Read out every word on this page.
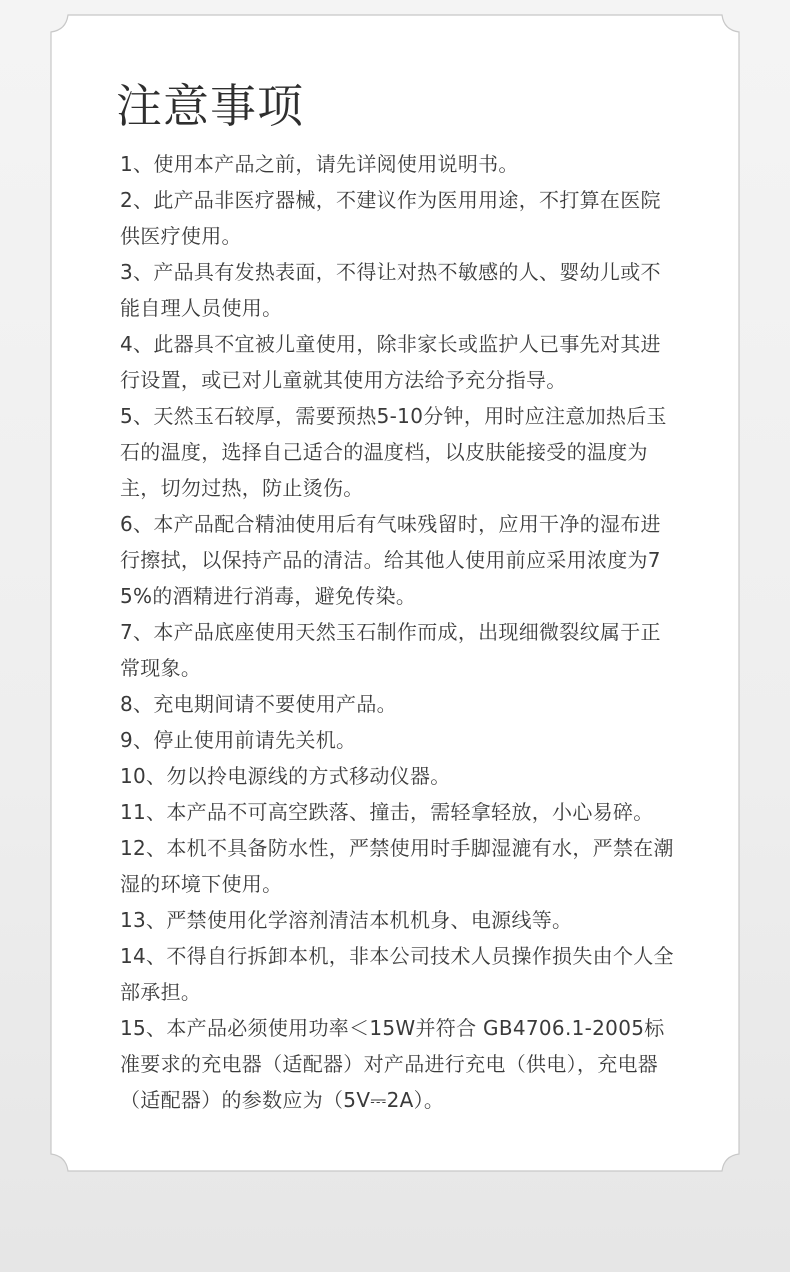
注意事项
1、使用本产品之前，请先详阅使用说明书。
2、此产品非医疗器械，不建议作为医用用途，不打算在医院供医疗使用。
3、产品具有发热表面，不得让对热不敏感的人、婴幼儿或不能自理人员使用。
4、此器具不宜被儿童使用，除非家长或监护人已事先对其进行设置，或已对儿童就其使用方法给予充分指导。
5、天然玉石较厚，需要预热5-10分钟，用时应注意加热后玉石的温度，选择自己适合的温度档，以皮肤能接受的温度为主，切勿过热，防止烫伤。
6、本产品配合精油使用后有气味残留时，应用干净的湿布进行擦拭，以保持产品的清洁。给其他人使用前应采用浓度为75%的酒精进行消毒，避免传染。
7、本产品底座使用天然玉石制作而成，出现细微裂纹属于正常现象。
8、充电期间请不要使用产品。
9、停止使用前请先关机。
10、勿以拎电源线的方式移动仪器。
11、本产品不可高空跌落、撞击，需轻拿轻放，小心易碎。
12、本机不具备防水性，严禁使用时手脚湿漉有水，严禁在潮湿的环境下使用。
13、严禁使用化学溶剂清洁本机机身、电源线等。
14、不得自行拆卸本机，非本公司技术人员操作损失由个人全部承担。
15、本产品必须使用功率＜15W并符合 GB4706.1-2005标准要求的充电器（适配器）对产品进行充电（供电），充电器（适配器）的参数应为（5V⎓2A）。
